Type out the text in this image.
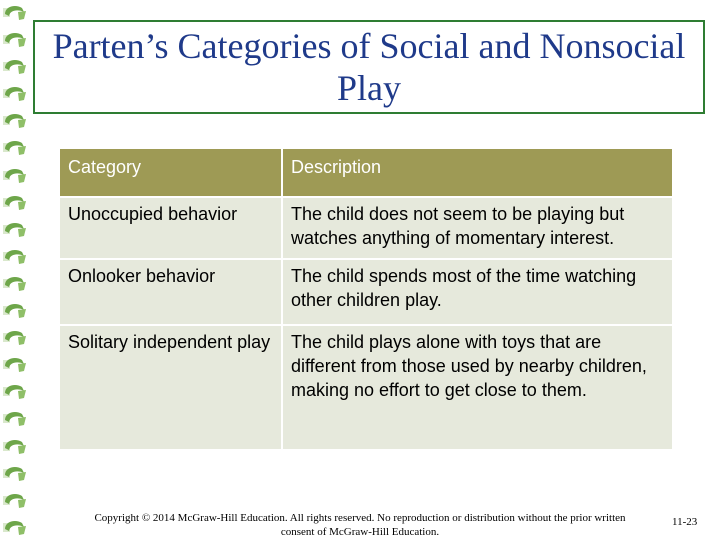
Parten’s Categories of Social and Nonsocial Play
Category	Description
Unoccupied behavior	The child does not seem to be playing but watches anything of momentary interest.
Onlooker behavior	The child spends most of the time watching other children play.
Solitary independent play	The child plays alone with toys that are different from those used by nearby children, making no effort to get close to them.
Copyright © 2014 McGraw-Hill Education. All rights reserved. No reproduction or distribution without the prior written consent of McGraw-Hill Education.
11-23
